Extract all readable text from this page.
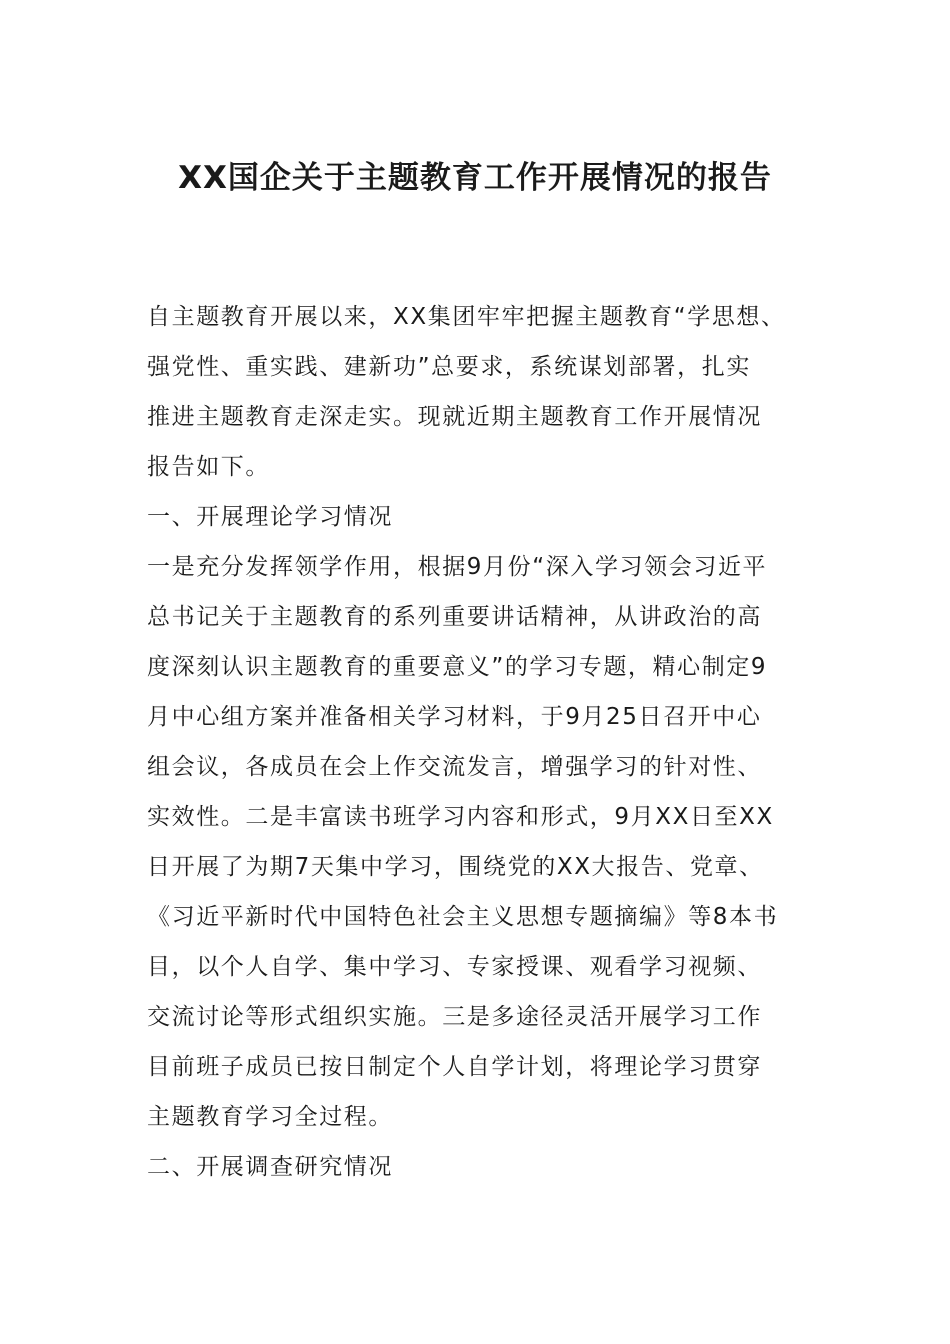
XX国企关于主题教育工作开展情况的报告
自主题教育开展以来，XX集团牢牢把握主题教育“学思想、
强党性、重实践、建新功”总要求，系统谋划部署，扎实
推进主题教育走深走实。现就近期主题教育工作开展情况
报告如下。
一、开展理论学习情况
一是充分发挥领学作用，根据9月份“深入学习领会习近平
总书记关于主题教育的系列重要讲话精神，从讲政治的高
度深刻认识主题教育的重要意义”的学习专题，精心制定9
月中心组方案并准备相关学习材料，于9月25日召开中心
组会议，各成员在会上作交流发言，增强学习的针对性、
实效性。二是丰富读书班学习内容和形式，9月XX日至XX
日开展了为期7天集中学习，围绕党的XX大报告、党章、
《习近平新时代中国特色社会主义思想专题摘编》等8本书
目，以个人自学、集中学习、专家授课、观看学习视频、
交流讨论等形式组织实施。三是多途径灵活开展学习工作
目前班子成员已按日制定个人自学计划，将理论学习贯穿
主题教育学习全过程。
二、开展调查研究情况
